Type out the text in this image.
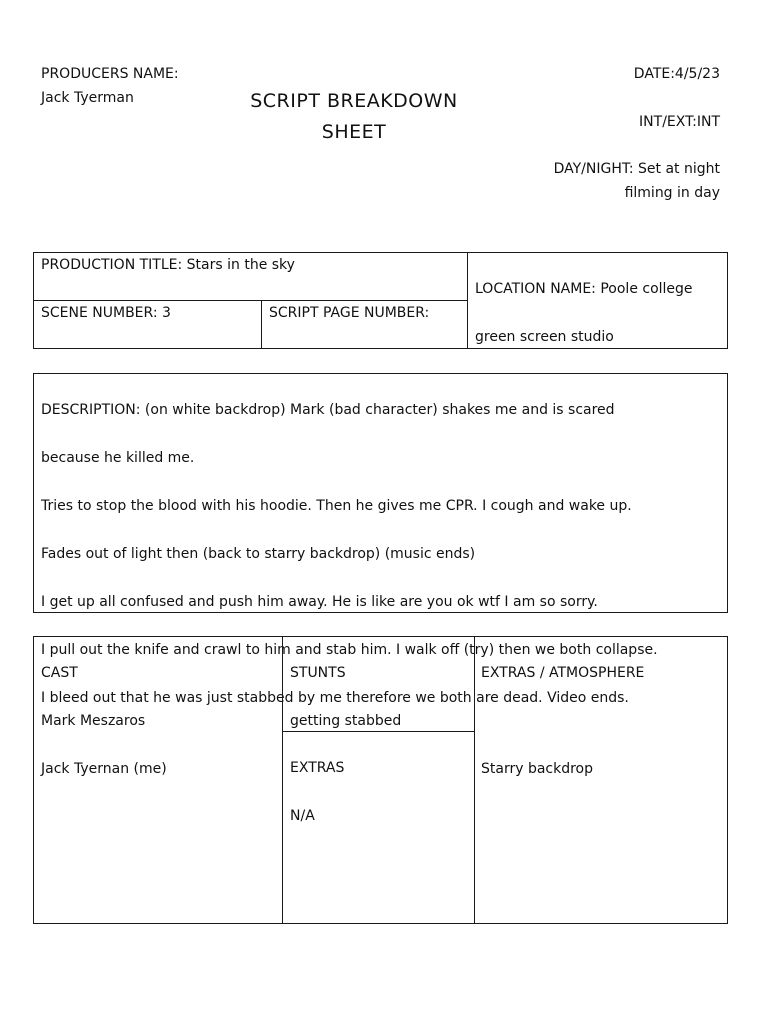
PRODUCERS NAME:
Jack Tyerman	SCRIPT BREAKDOWN
SHEET
DATE:4/5/23
INT/EXT:INT
DAY/NIGHT: Set at night
filming in day
PRODUCTION TITLE: Stars in the sky

LOCATION NAME: Poole college

green screen studio

SCENE NUMBER: 3	SCRIPT PAGE NUMBER:

DESCRIPTION: (on white backdrop) Mark (bad character) shakes me and is scared

because he killed me.

Tries to stop the blood with his hoodie. Then he gives me CPR. I cough and wake up.

Fades out of light then (back to starry backdrop) (music ends)

I get up all confused and push him away. He is like are you ok wtf I am so sorry.

I pull out the knife and crawl to him and stab him. I walk off (try) then we both collapse.

I bleed out that he was just stabbed by me therefore we both are dead. Video ends.

CAST

Mark Meszaros

Jack Tyernan (me)

STUNTS

getting stabbed

EXTRAS

N/A

EXTRAS / ATMOSPHERE

Starry backdrop
